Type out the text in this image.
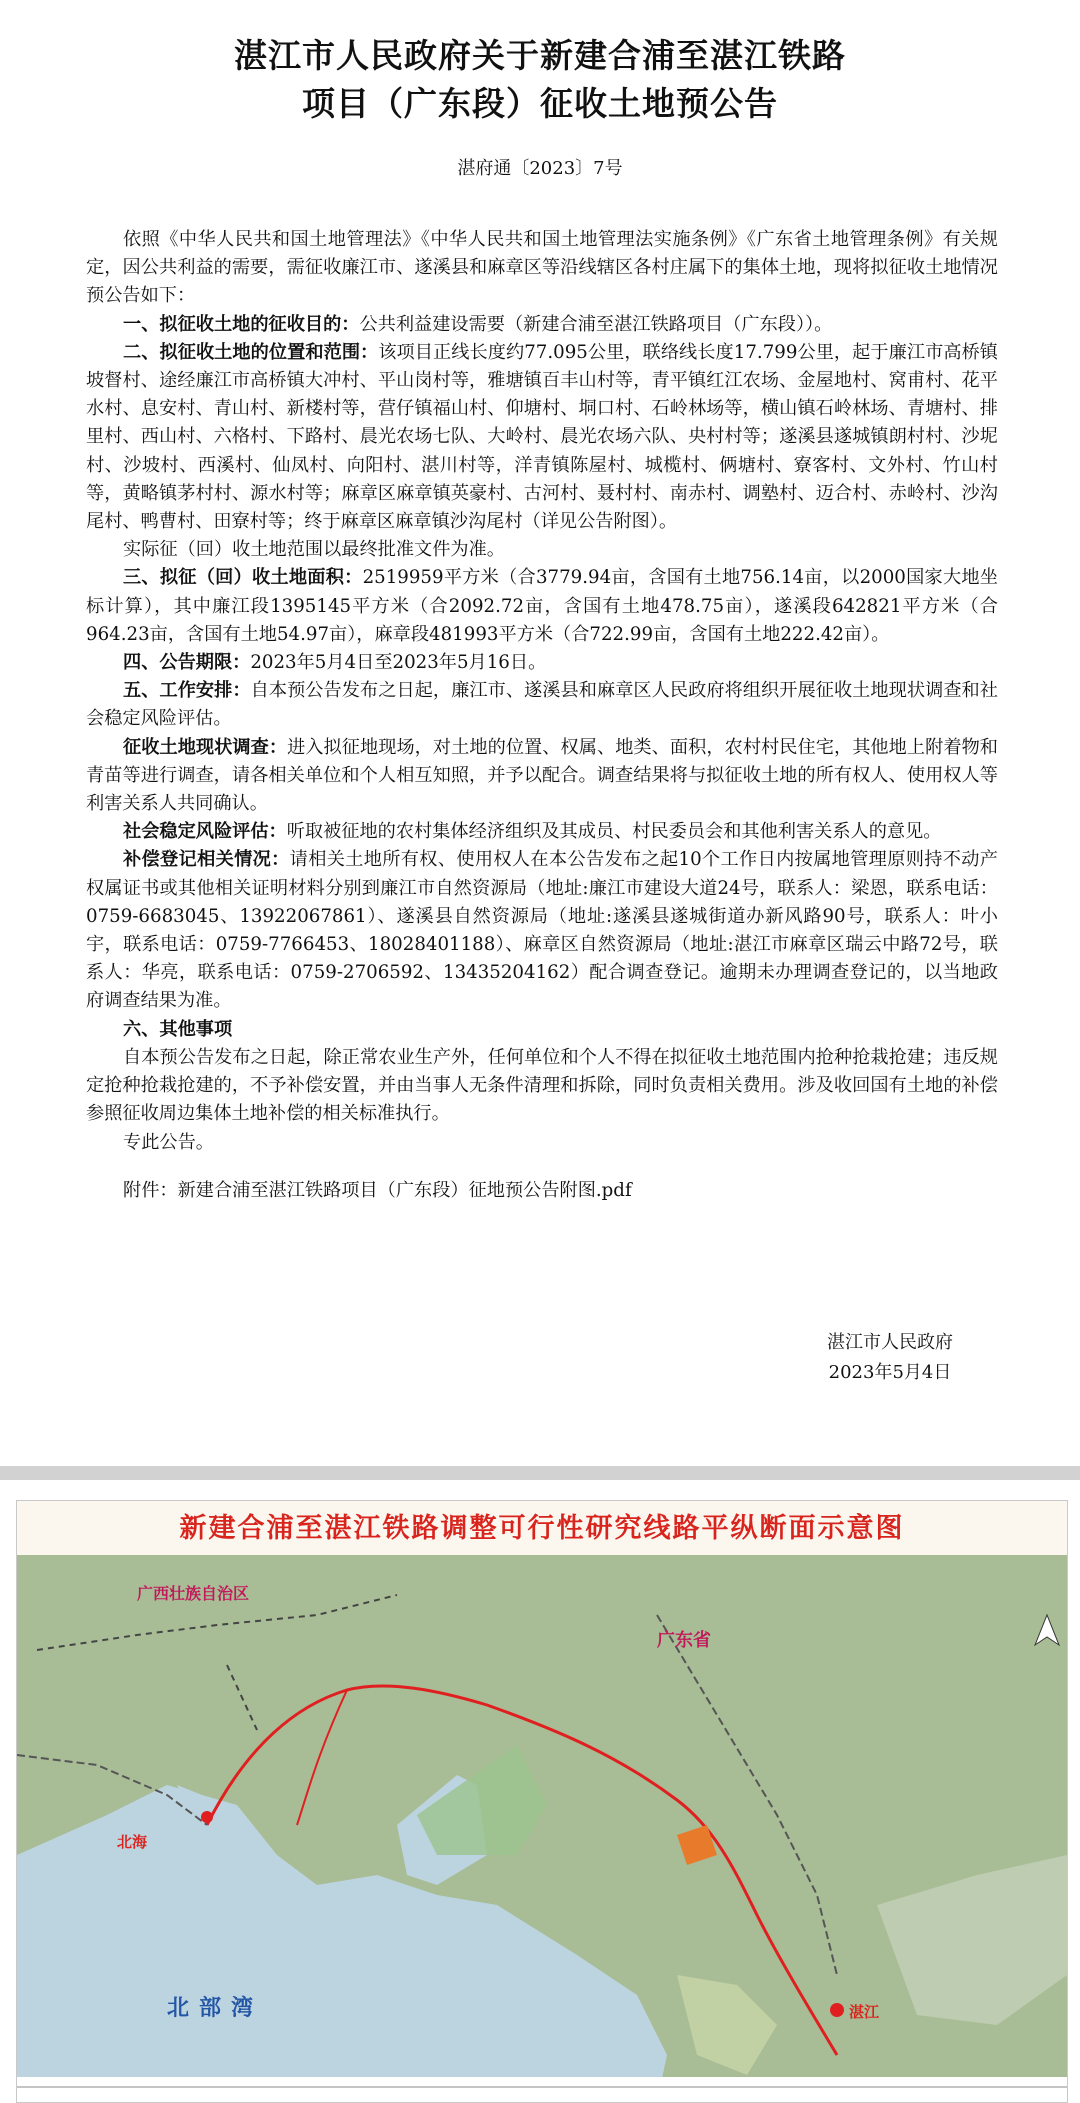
湛江市人民政府关于新建合浦至湛江铁路
项目（广东段）征收土地预公告
湛府通〔2023〕7号

依照《中华人民共和国土地管理法》《中华人民共和国土地管理法实施条例》《广东省土地管理条例》有关规定，因公共利益的需要，需征收廉江市、遂溪县和麻章区等沿线辖区各村庄属下的集体土地，现将拟征收土地情况预公告如下：

一、拟征收土地的征收目的：公共利益建设需要（新建合浦至湛江铁路项目（广东段））。

二、拟征收土地的位置和范围：该项目正线长度约77.095公里，联络线长度17.799公里，起于廉江市高桥镇坡督村、途经廉江市高桥镇大冲村、平山岗村等，雅塘镇百丰山村等，青平镇红江农场、金屋地村、窝甫村、花平水村、息安村、青山村、新楼村等，营仔镇福山村、仰塘村、垌口村、石岭林场等，横山镇石岭林场、青塘村、排里村、西山村、六格村、下路村、晨光农场七队、大岭村、晨光农场六队、央村村等；遂溪县遂城镇朗村村、沙坭村、沙坡村、西溪村、仙凤村、向阳村、湛川村等，洋青镇陈屋村、城榄村、俩塘村、寮客村、文外村、竹山村等，黄略镇茅村村、源水村等；麻章区麻章镇英豪村、古河村、聂村村、南赤村、调塾村、迈合村、赤岭村、沙沟尾村、鸭曹村、田寮村等；终于麻章区麻章镇沙沟尾村（详见公告附图）。

实际征（回）收土地范围以最终批准文件为准。

三、拟征（回）收土地面积：2519959平方米（合3779.94亩，含国有土地756.14亩，以2000国家大地坐标计算），其中廉江段1395145平方米（合2092.72亩，含国有土地478.75亩），遂溪段642821平方米（合964.23亩，含国有土地54.97亩），麻章段481993平方米（合722.99亩，含国有土地222.42亩）。

四、公告期限：2023年5月4日至2023年5月16日。

五、工作安排：自本预公告发布之日起，廉江市、遂溪县和麻章区人民政府将组织开展征收土地现状调查和社会稳定风险评估。

征收土地现状调查：进入拟征地现场，对土地的位置、权属、地类、面积，农村村民住宅，其他地上附着物和青苗等进行调查，请各相关单位和个人相互知照，并予以配合。调查结果将与拟征收土地的所有权人、使用权人等利害关系人共同确认。

社会稳定风险评估：听取被征地的农村集体经济组织及其成员、村民委员会和其他利害关系人的意见。

补偿登记相关情况：请相关土地所有权、使用权人在本公告发布之起10个工作日内按属地管理原则持不动产权属证书或其他相关证明材料分别到廉江市自然资源局（地址:廉江市建设大道24号，联系人：梁恩，联系电话：0759-6683045、13922067861）、遂溪县自然资源局（地址:遂溪县遂城街道办新风路90号，联系人：叶小宇，联系电话：0759-7766453、18028401188）、麻章区自然资源局（地址:湛江市麻章区瑞云中路72号，联系人：华亮，联系电话：0759-2706592、13435204162）配合调查登记。逾期未办理调查登记的，以当地政府调查结果为准。

六、其他事项

自本预公告发布之日起，除正常农业生产外，任何单位和个人不得在拟征收土地范围内抢种抢栽抢建；违反规定抢种抢栽抢建的，不予补偿安置，并由当事人无条件清理和拆除，同时负责相关费用。涉及收回国有土地的补偿参照征收周边集体土地补偿的相关标准执行。

专此公告。

附件：新建合浦至湛江铁路项目（广东段）征地预公告附图.pdf

湛江市人民政府
2023年5月4日
新建合浦至湛江铁路调整可行性研究线路平纵断面示意图
广西壮族自治区
广东省
北部湾
北海
湛江
